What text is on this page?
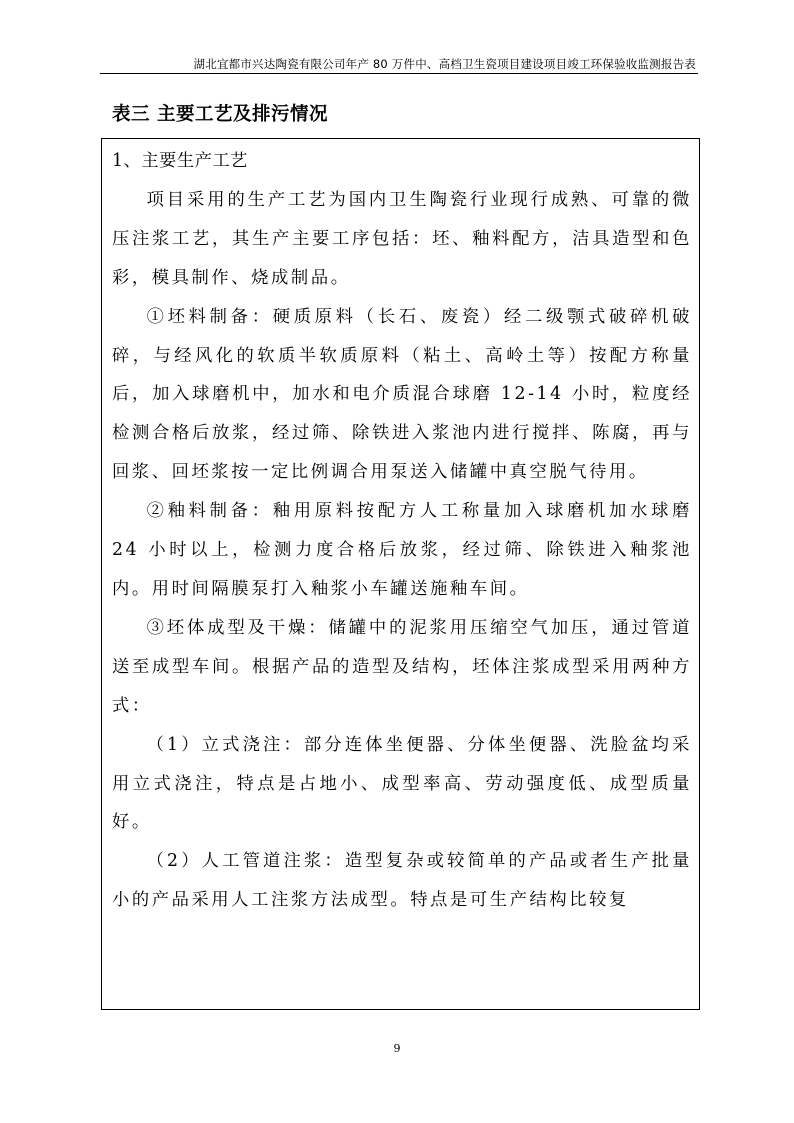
湖北宜都市兴达陶瓷有限公司年产 80 万件中、高档卫生瓷项目建设项目竣工环保验收监测报告表
表三 主要工艺及排污情况

1、主要生产工艺

项目采用的生产工艺为国内卫生陶瓷行业现行成熟、可靠的微压注浆工艺，其生产主要工序包括：坯、釉料配方，洁具造型和色彩，模具制作、烧成制品。

①坯料制备：硬质原料（长石、废瓷）经二级颚式破碎机破碎，与经风化的软质半软质原料（粘土、高岭土等）按配方称量后，加入球磨机中，加水和电介质混合球磨 12-14 小时，粒度经检测合格后放浆，经过筛、除铁进入浆池内进行搅拌、陈腐，再与回浆、回坯浆按一定比例调合用泵送入储罐中真空脱气待用。

②釉料制备：釉用原料按配方人工称量加入球磨机加水球磨 24 小时以上，检测力度合格后放浆，经过筛、除铁进入釉浆池内。用时间隔膜泵打入釉浆小车罐送施釉车间。

③坯体成型及干燥：储罐中的泥浆用压缩空气加压，通过管道送至成型车间。根据产品的造型及结构，坯体注浆成型采用两种方式：

（1）立式浇注：部分连体坐便器、分体坐便器、洗脸盆均采用立式浇注，特点是占地小、成型率高、劳动强度低、成型质量好。

（2）人工管道注浆：造型复杂或较简单的产品或者生产批量小的产品采用人工注浆方法成型。特点是可生产结构比较复

9
